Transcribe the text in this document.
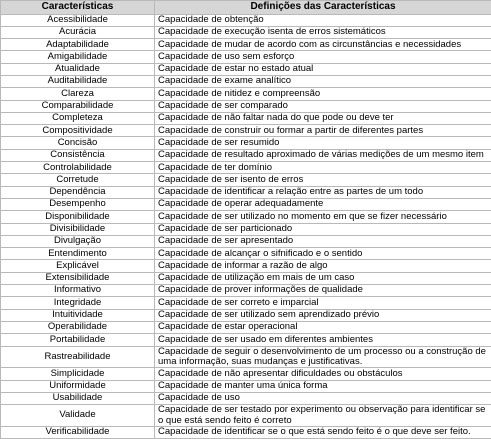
Características	Definições das Características
Acessibilidade	Capacidade de obtenção
Acurácia	Capacidade de execução isenta de erros sistemáticos
Adaptabilidade	Capacidade de mudar de acordo com as circunstâncias e necessidades
Amigabilidade	Capacidade de uso sem esforço
Atualidade	Capacidade de estar no estado atual
Auditabilidade	Capacidade de exame analítico
Clareza	Capacidade de nitidez e compreensão
Comparabilidade	Capacidade de ser comparado
Completeza	Capacidade de não faltar nada do que pode ou deve ter
Compositividade	Capacidade de construir ou formar a partir de diferentes partes
Concisão	Capacidade de ser resumido
Consistência	Capacidade de resultado aproximado de várias medições de um mesmo item
Controlabilidade	Capacidade de ter domínio
Corretude	Capacidade de ser isento de erros
Dependência	Capacidade de identificar a relação entre as partes de um todo
Desempenho	Capacidade de operar adequadamente
Disponibilidade	Capacidade de ser utilizado no momento em que se fizer necessário
Divisibilidade	Capacidade de ser particionado
Divulgação	Capacidade de ser apresentado
Entendimento	Capacidade de alcançar o sifnificado e o sentido
Explicável	Capacidade de informar a razão de algo
Extensibilidade	Capacidade de utilização em mais de um caso
Informativo	Capacidade de prover informações de qualidade
Integridade	Capacidade de ser correto e imparcial
Intuitividade	Capacidade de ser utilizado sem aprendizado prévio
Operabilidade	Capacidade de estar operacional
Portabilidade	Capacidade de ser usado em diferentes ambientes
Rastreabilidade	Capacidade de seguir o desenvolvimento de um processo ou a construção de uma informação, suas mudanças e justificativas.
Simplicidade	Capacidade de não apresentar dificuldades ou obstáculos
Uniformidade	Capacidade de manter uma única forma
Usabilidade	Capacidade de uso
Validade	Capacidade de ser testado por experimento ou observação para identificar se o que está sendo feito é correto
Verificabilidade	Capacidade de identificar se o que está sendo feito é o que deve ser feito.
